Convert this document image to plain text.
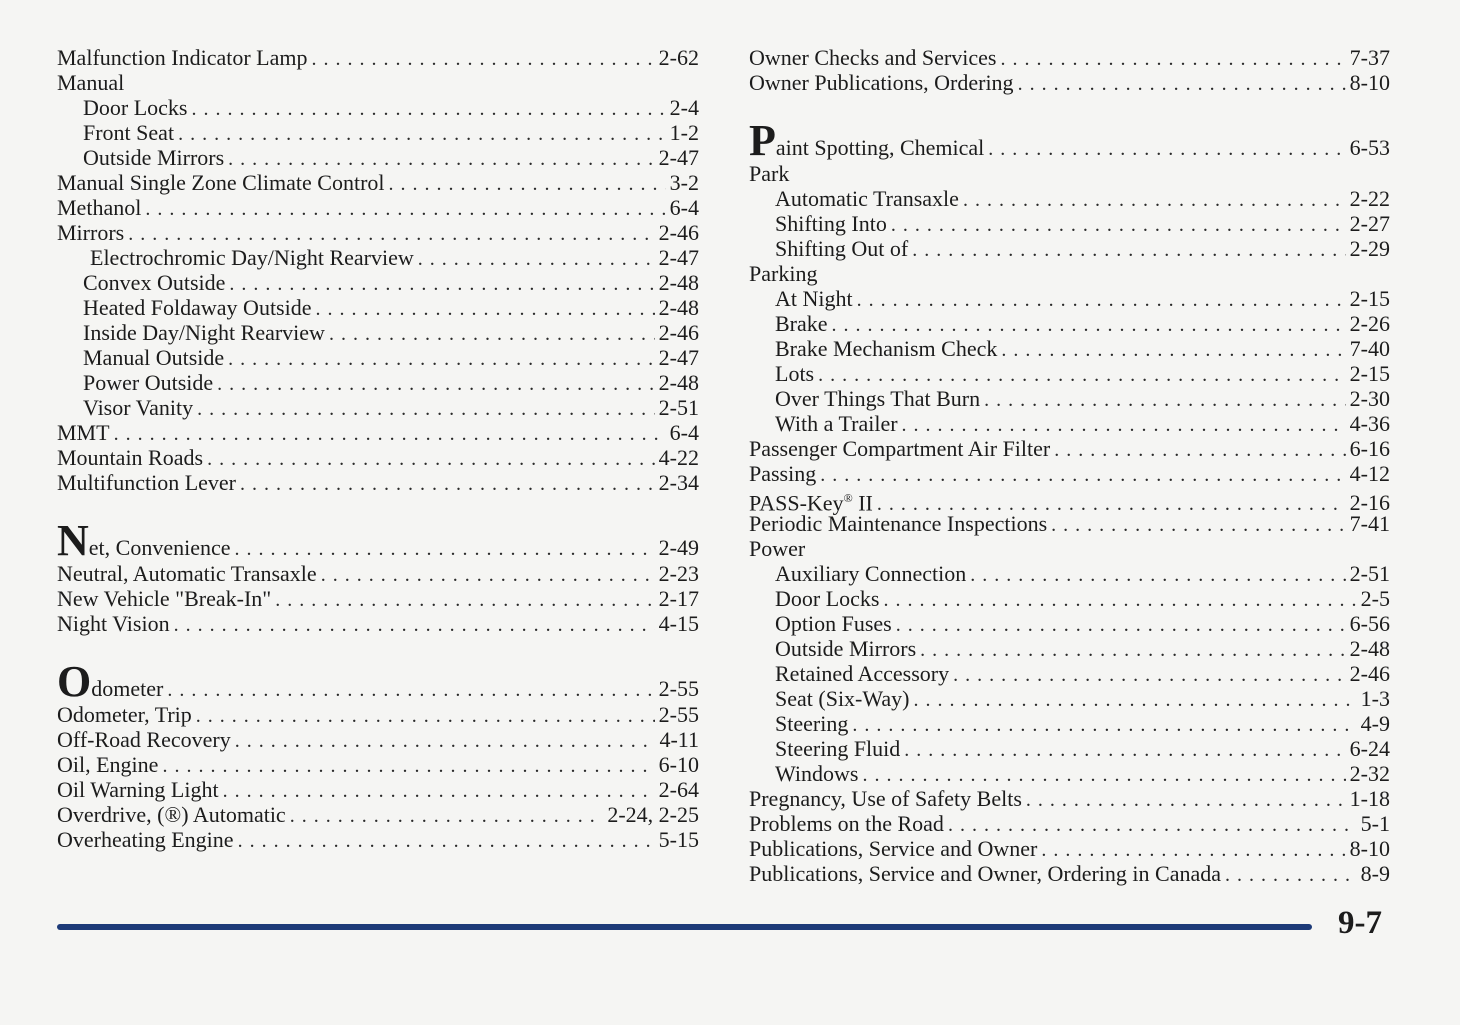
Malfunction Indicator Lamp . . .	2-62
Manual
Door Locks . . .	2-4
Front Seat . . .	1-2
Outside Mirrors . . .	2-47
Manual Single Zone Climate Control . . .	3-2
Methanol . . .	6-4
Mirrors . . .	2-46
Electrochromic Day/Night Rearview . . .	2-47
Convex Outside . . .	2-48
Heated Foldaway Outside . . .	2-48
Inside Day/Night Rearview . . .	2-46
Manual Outside . . .	2-47
Power Outside . . .	2-48
Visor Vanity . . .	2-51
MMT . . .	6-4
Mountain Roads . . .	4-22
Multifunction Lever . . .	2-34
Net, Convenience . . .	2-49
Neutral, Automatic Transaxle . . .	2-23
New Vehicle "Break-In" . . .	2-17
Night Vision . . .	4-15
Odometer . . .	2-55
Odometer, Trip . . .	2-55
Off-Road Recovery . . .	4-11
Oil, Engine . . .	6-10
Oil Warning Light . . .	2-64
Overdrive, (®) Automatic . . .	2-24, 2-25
Overheating Engine . . .	5-15
Owner Checks and Services . . .	7-37
Owner Publications, Ordering . . .	8-10
Paint Spotting, Chemical . . .	6-53
Park
Automatic Transaxle . . .	2-22
Shifting Into . . .	2-27
Shifting Out of . . .	2-29
Parking
At Night . . .	2-15
Brake . . .	2-26
Brake Mechanism Check . . .	7-40
Lots . . .	2-15
Over Things That Burn . . .	2-30
With a Trailer . . .	4-36
Passenger Compartment Air Filter . . .	6-16
Passing . . .	4-12
PASS-Key® II . . .	2-16
Periodic Maintenance Inspections . . .	7-41
Power
Auxiliary Connection . . .	2-51
Door Locks . . .	2-5
Option Fuses . . .	6-56
Outside Mirrors . . .	2-48
Retained Accessory . . .	2-46
Seat (Six-Way) . . .	1-3
Steering . . .	4-9
Steering Fluid . . .	6-24
Windows . . .	2-32
Pregnancy, Use of Safety Belts . . .	1-18
Problems on the Road . . .	5-1
Publications, Service and Owner . . .	8-10
Publications, Service and Owner, Ordering in Canada . . .	8-9
9-7
